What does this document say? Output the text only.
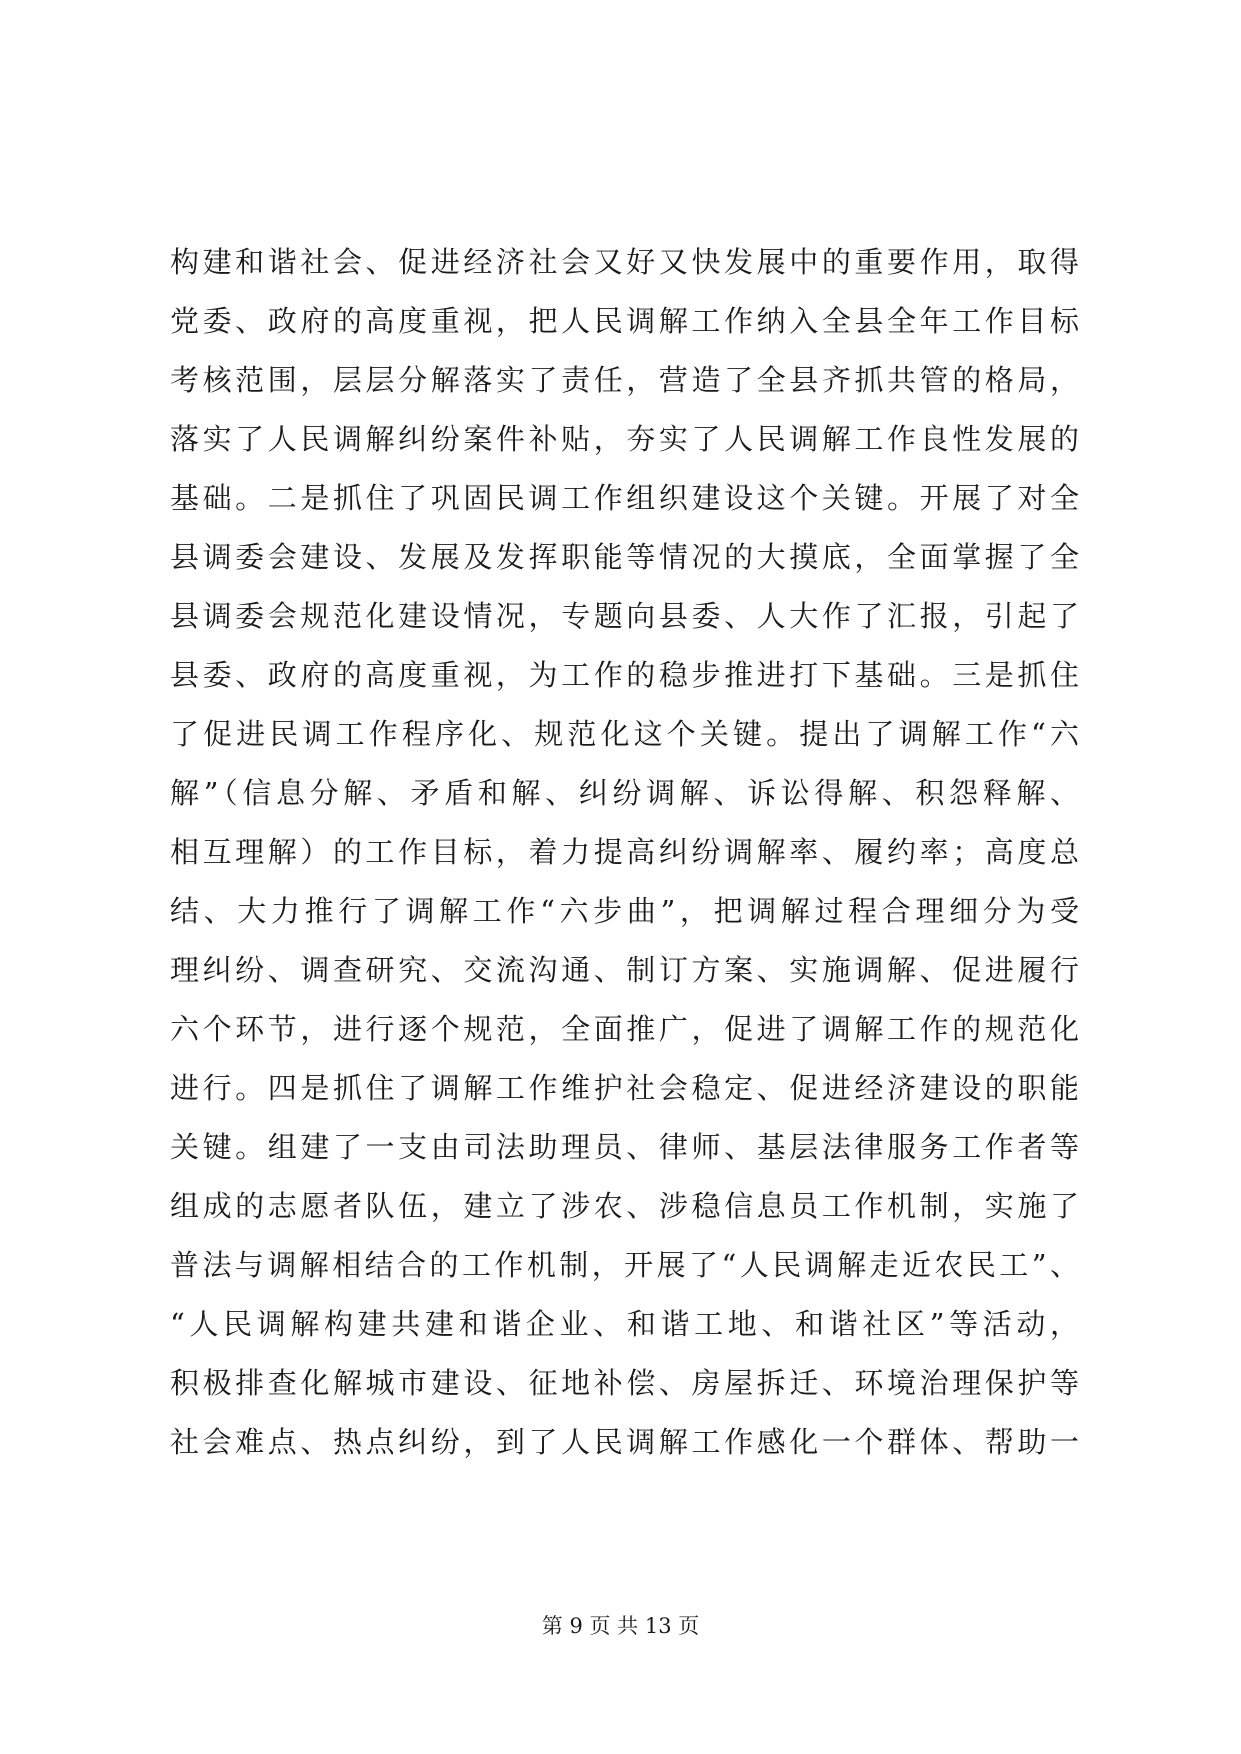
构建和谐社会、促进经济社会又好又快发展中的重要作用，取得
党委、政府的高度重视，把人民调解工作纳入全县全年工作目标
考核范围，层层分解落实了责任，营造了全县齐抓共管的格局，
落实了人民调解纠纷案件补贴，夯实了人民调解工作良性发展的
基础。二是抓住了巩固民调工作组织建设这个关键。开展了对全
县调委会建设、发展及发挥职能等情况的大摸底，全面掌握了全
县调委会规范化建设情况，专题向县委、人大作了汇报，引起了
县委、政府的高度重视，为工作的稳步推进打下基础。三是抓住
了促进民调工作程序化、规范化这个关键。提出了调解工作“六
解”（信息分解、矛盾和解、纠纷调解、诉讼得解、积怨释解、
相互理解）的工作目标，着力提高纠纷调解率、履约率；高度总
结、大力推行了调解工作“六步曲”，把调解过程合理细分为受
理纠纷、调查研究、交流沟通、制订方案、实施调解、促进履行
六个环节，进行逐个规范，全面推广，促进了调解工作的规范化
进行。四是抓住了调解工作维护社会稳定、促进经济建设的职能
关键。组建了一支由司法助理员、律师、基层法律服务工作者等
组成的志愿者队伍，建立了涉农、涉稳信息员工作机制，实施了
普法与调解相结合的工作机制，开展了“人民调解走近农民工”、
“人民调解构建共建和谐企业、和谐工地、和谐社区”等活动，
积极排查化解城市建设、征地补偿、房屋拆迁、环境治理保护等
社会难点、热点纠纷，到了人民调解工作感化一个群体、帮助一
第 9 页 共 13 页
